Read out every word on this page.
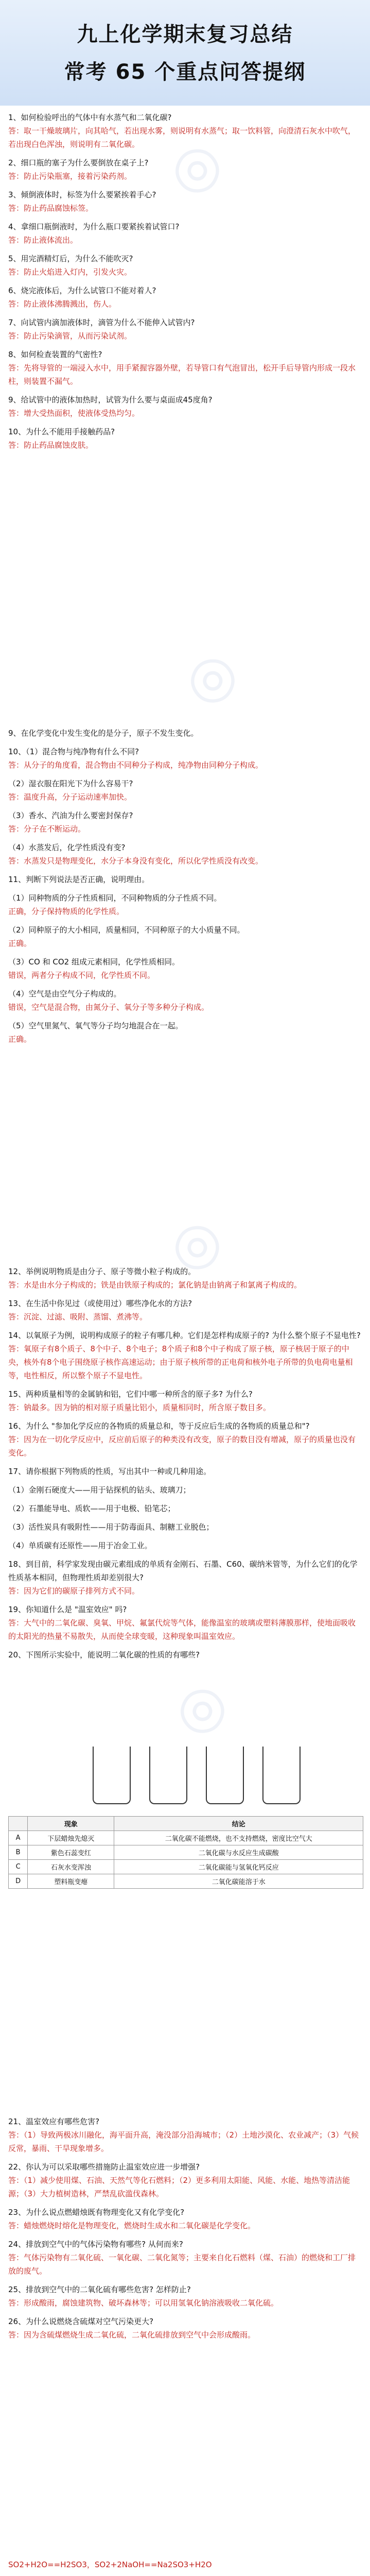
◎
◎
◎
◎
九上化学期末复习总结
常考 65 个重点问答提纲
1、如何检验呼出的气体中有水蒸气和二氧化碳?
答：取一干燥玻璃片，向其哈气，若出现水雾，则说明有水蒸气；取一饮料管，向澄清石灰水中吹气，若出现白色浑浊，则说明有二氧化碳。
2、细口瓶的塞子为什么要倒放在桌子上?
答：防止污染瓶塞，接着污染药剂。
3、倾倒液体时，标签为什么要紧挨着手心?
答：防止药品腐蚀标签。
4、拿细口瓶倒液时，为什么瓶口要紧挨着试管口?
答：防止液体流出。
5、用完酒精灯后，为什么不能吹灭?
答：防止火焰进入灯内，引发火灾。
6、烧完液体后，为什么试管口不能对着人?
答：防止液体沸腾溅出，伤人。
7、向试管内滴加液体时，滴管为什么不能伸入试管内?
答：防止污染滴管，从而污染试剂。
8、如何检查装置的气密性?
答：先将导管的一端浸入水中，用手紧握容器外壁，若导管口有气泡冒出，松开手后导管内形成一段水柱，则装置不漏气。
9、给试管中的液体加热时，试管为什么要与桌面成45度角?
答：增大受热面积，使液体受热均匀。
10、为什么不能用手接触药品?
答：防止药品腐蚀皮肤。
9、在化学变化中发生变化的是分子，原子不发生变化。
10、（1）混合物与纯净物有什么不同?
答：从分子的角度看，混合物由不同种分子构成，纯净物由同种分子构成。
（2）湿衣服在阳光下为什么容易干?
答：温度升高，分子运动速率加快。
（3）香水、汽油为什么要密封保存?
答：分子在不断运动。
（4）水蒸发后，化学性质没有变?
答：水蒸发只是物理变化，水分子本身没有变化，所以化学性质没有改变。
11、判断下列说法是否正确，说明理由。
（1）同种物质的分子性质相同，不同种物质的分子性质不同。
正确，分子保持物质的化学性质。
（2）同种原子的大小相同，质量相同，不同种原子的大小质量不同。
正确。
（3）CO 和 CO2 组成元素相同，化学性质相同。
错误，两者分子构成不同，化学性质不同。
（4）空气是由空气分子构成的。
错误，空气是混合物，由氮分子、氧分子等多种分子构成。
（5）空气里氮气、氧气等分子均匀地混合在一起。
正确。
12、举例说明物质是由分子、原子等微小粒子构成的。
答：水是由水分子构成的；铁是由铁原子构成的；氯化钠是由钠离子和氯离子构成的。
13、在生活中你见过（或使用过）哪些净化水的方法?
答：沉淀、过滤、吸附、蒸馏、煮沸等。
14、以氧原子为例，说明构成原子的粒子有哪几种。它们是怎样构成原子的? 为什么整个原子不显电性?
答：氧原子有8个质子、8个中子、8个电子；8个质子和8个中子构成了原子核，原子核居于原子的中央，核外有8个电子围绕原子核作高速运动；由于原子核所带的正电荷和核外电子所带的负电荷电量相等，电性相反，所以整个原子不显电性。
15、两种质量相等的金属钠和铝，它们中哪一种所含的原子多? 为什么?
答：钠最多。因为钠的相对原子质量比铝小，质量相同时，所含原子数目多。
16、为什么 "参加化学反应的各物质的质量总和，等于反应后生成的各物质的质量总和"?
答：因为在一切化学反应中，反应前后原子的种类没有改变，原子的数目没有增减，原子的质量也没有变化。
17、请你根据下列物质的性质，写出其中一种或几种用途。
（1）金刚石硬度大——用于钻探机的钻头、玻璃刀；
（2）石墨能导电、质软——用于电极、铅笔芯；
（3）活性炭具有吸附性——用于防毒面具、制糖工业脱色；
（4）单质碳有还原性——用于冶金工业。
18、到目前，科学家发现由碳元素组成的单质有金刚石、石墨、C60、碳纳米管等，为什么它们的化学性质基本相同，但物理性质却差别很大?
答：因为它们的碳原子排列方式不同。
19、你知道什么是 "温室效应" 吗?
答：大气中的二氧化碳、臭氧、甲烷、氟氯代烷等气体，能像温室的玻璃或塑料薄膜那样，使地面吸收的太阳光的热量不易散失，从而使全球变暖，这种现象叫温室效应。
20、下图所示实验中，能说明二氧化碳的性质的有哪些?
	现象	结论
A	下层蜡烛先熄灭	二氧化碳不能燃烧，也不支持燃烧，密度比空气大
B	紫色石蕊变红	二氧化碳与水反应生成碳酸
C	石灰水变浑浊	二氧化碳能与氢氧化钙反应
D	塑料瓶变瘪	二氧化碳能溶于水
21、温室效应有哪些危害?
答：（1）导致两极冰川融化，海平面升高，淹没部分沿海城市；（2）土地沙漠化、农业减产；（3）气候反常，暴雨、干旱现象增多。
22、你认为可以采取哪些措施防止温室效应进一步增强?
答：（1）减少使用煤、石油、天然气等化石燃料；（2）更多利用太阳能、风能、水能、地热等清洁能源；（3）大力植树造林，严禁乱砍滥伐森林。
23、为什么说点燃蜡烛既有物理变化又有化学变化?
答：蜡烛燃烧时熔化是物理变化，燃烧时生成水和二氧化碳是化学变化。
24、排放到空气中的气体污染物有哪些? 从何而来?
答：气体污染物有二氧化硫、一氧化碳、二氧化氮等；主要来自化石燃料（煤、石油）的燃烧和工厂排放的废气。
25、排放到空气中的二氧化硫有哪些危害? 怎样防止?
答：形成酸雨，腐蚀建筑物、破坏森林等；可以用氢氧化钠溶液吸收二氧化硫。
26、为什么说燃烧含硫煤对空气污染更大?
答：因为含硫煤燃烧生成二氧化硫，二氧化硫排放到空气中会形成酸雨。
SO2+H2O==H2SO3，SO2+2NaOH==Na2SO3+H2O
